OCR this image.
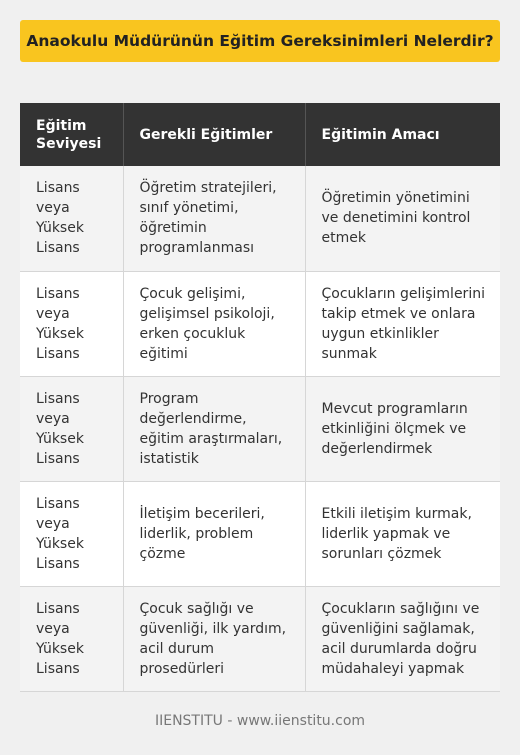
Anaokulu Müdürünün Eğitim Gereksinimleri Nelerdir?
Eğitim Seviyesi	Gerekli Eğitimler	Eğitimin Amacı
Lisans veya Yüksek Lisans	Öğretim stratejileri, sınıf yönetimi, öğretimin programlanması	Öğretimin yönetimini ve denetimini kontrol etmek
Lisans veya Yüksek Lisans	Çocuk gelişimi, gelişimsel psikoloji, erken çocukluk eğitimi	Çocukların gelişimlerini takip etmek ve onlara uygun etkinlikler sunmak
Lisans veya Yüksek Lisans	Program değerlendirme, eğitim araştırmaları, istatistik	Mevcut programların etkinliğini ölçmek ve değerlendirmek
Lisans veya Yüksek Lisans	İletişim becerileri, liderlik, problem çözme	Etkili iletişim kurmak, liderlik yapmak ve sorunları çözmek
Lisans veya Yüksek Lisans	Çocuk sağlığı ve güvenliği, ilk yardım, acil durum prosedürleri	Çocukların sağlığını ve güvenliğini sağlamak, acil durumlarda doğru müdahaleyi yapmak
IIENSTITU - www.iienstitu.com
